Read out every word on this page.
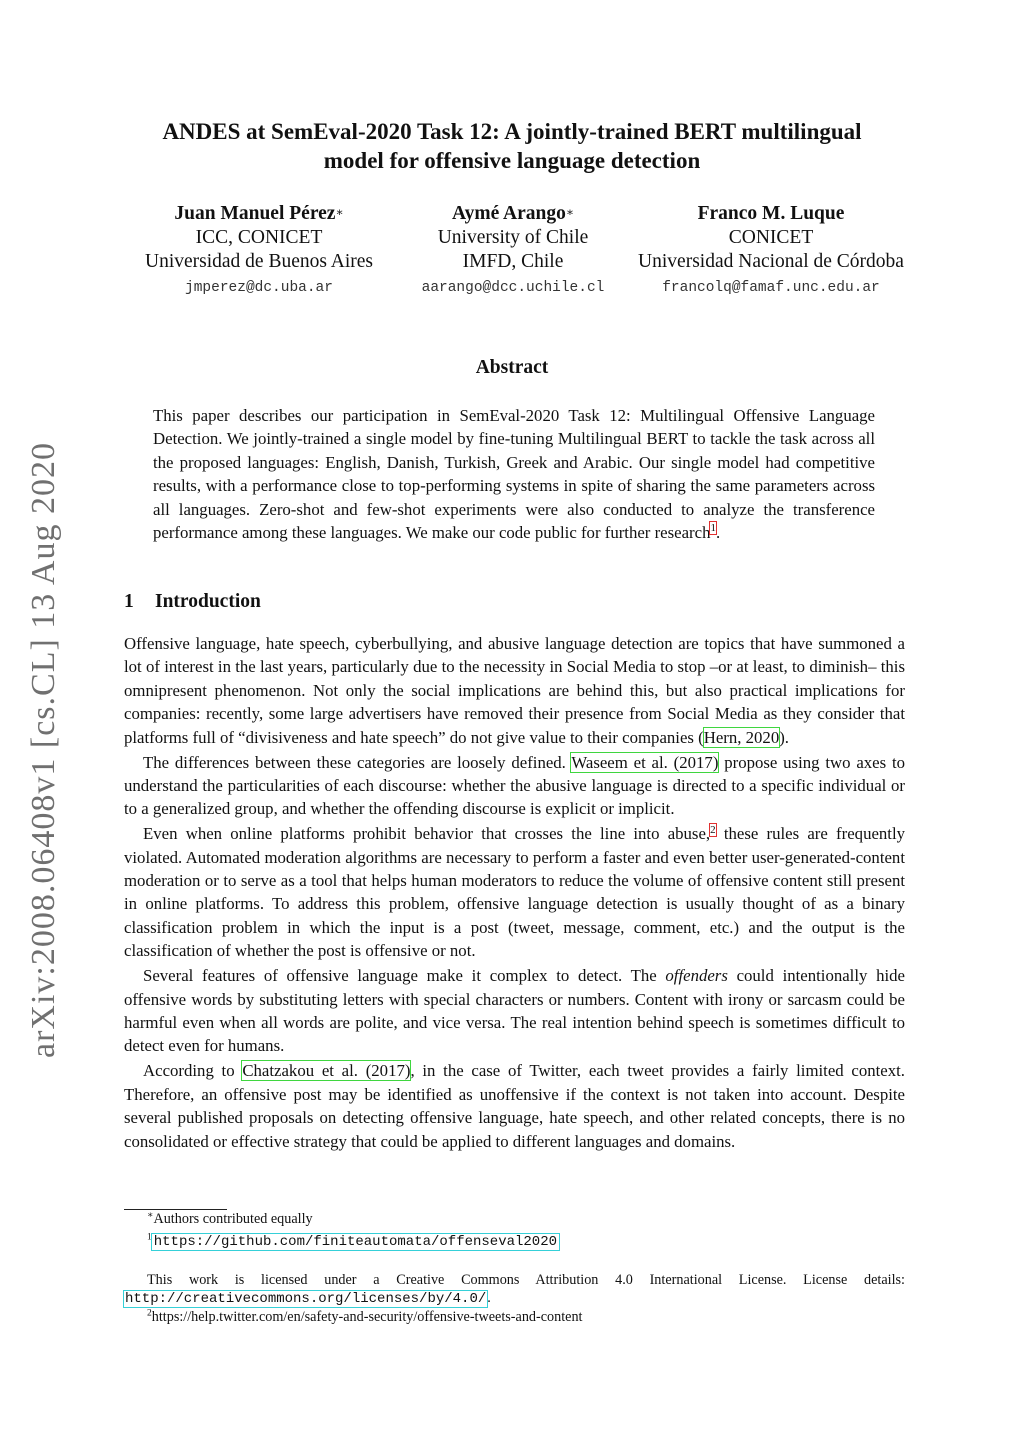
arXiv:2008.06408v1 [cs.CL] 13 Aug 2020
ANDES at SemEval-2020 Task 12: A jointly-trained BERT multilingual
model for offensive language detection
Juan Manuel Pérez∗
ICC, CONICET
Universidad de Buenos Aires
jmperez@dc.uba.ar
Aymé Arango∗
University of Chile
IMFD, Chile
aarango@dcc.uchile.cl
Franco M. Luque
CONICET
Universidad Nacional de Córdoba
francolq@famaf.unc.edu.ar
Abstract
This paper describes our participation in SemEval-2020 Task 12: Multilingual Offensive Language Detection. We jointly-trained a single model by fine-tuning Multilingual BERT to tackle the task across all the proposed languages: English, Danish, Turkish, Greek and Arabic. Our single model had competitive results, with a performance close to top-performing systems in spite of sharing the same parameters across all languages. Zero-shot and few-shot experiments were also conducted to analyze the transference performance among these languages. We make our code public for further research$^1$.
1 Introduction

Offensive language, hate speech, cyberbullying, and abusive language detection are topics that have summoned a lot of interest in the last years, particularly due to the necessity in Social Media to stop –or at least, to diminish– this omnipresent phenomenon. Not only the social implications are behind this, but also practical implications for companies: recently, some large advertisers have removed their presence from Social Media as they consider that platforms full of “divisiveness and hate speech” do not give value to their companies (Hern, 2020).

The differences between these categories are loosely defined. Waseem et al. (2017) propose using two axes to understand the particularities of each discourse: whether the abusive language is directed to a specific individual or to a generalized group, and whether the offending discourse is explicit or implicit.

Even when online platforms prohibit behavior that crosses the line into abuse,$^2$ these rules are frequently violated. Automated moderation algorithms are necessary to perform a faster and even better user-generated-content moderation or to serve as a tool that helps human moderators to reduce the volume of offensive content still present in online platforms. To address this problem, offensive language detection is usually thought of as a binary classification problem in which the input is a post (tweet, message, comment, etc.) and the output is the classification of whether the post is offensive or not.

Several features of offensive language make it complex to detect. The offenders could intentionally hide offensive words by substituting letters with special characters or numbers. Content with irony or sarcasm could be harmful even when all words are polite, and vice versa. The real intention behind speech is sometimes difficult to detect even for humans.

According to Chatzakou et al. (2017), in the case of Twitter, each tweet provides a fairly limited context. Therefore, an offensive post may be identified as unoffensive if the context is not taken into account. Despite several published proposals on detecting offensive language, hate speech, and other related concepts, there is no consolidated or effective strategy that could be applied to different languages and domains.

∗Authors contributed equally
$^1$ https://github.com/finiteautomata/offenseval2020
This work is licensed under a Creative Commons Attribution 4.0 International License. License details: http://creativecommons.org/licenses/by/4.0/.
$^2$https://help.twitter.com/en/safety-and-security/offensive-tweets-and-content
